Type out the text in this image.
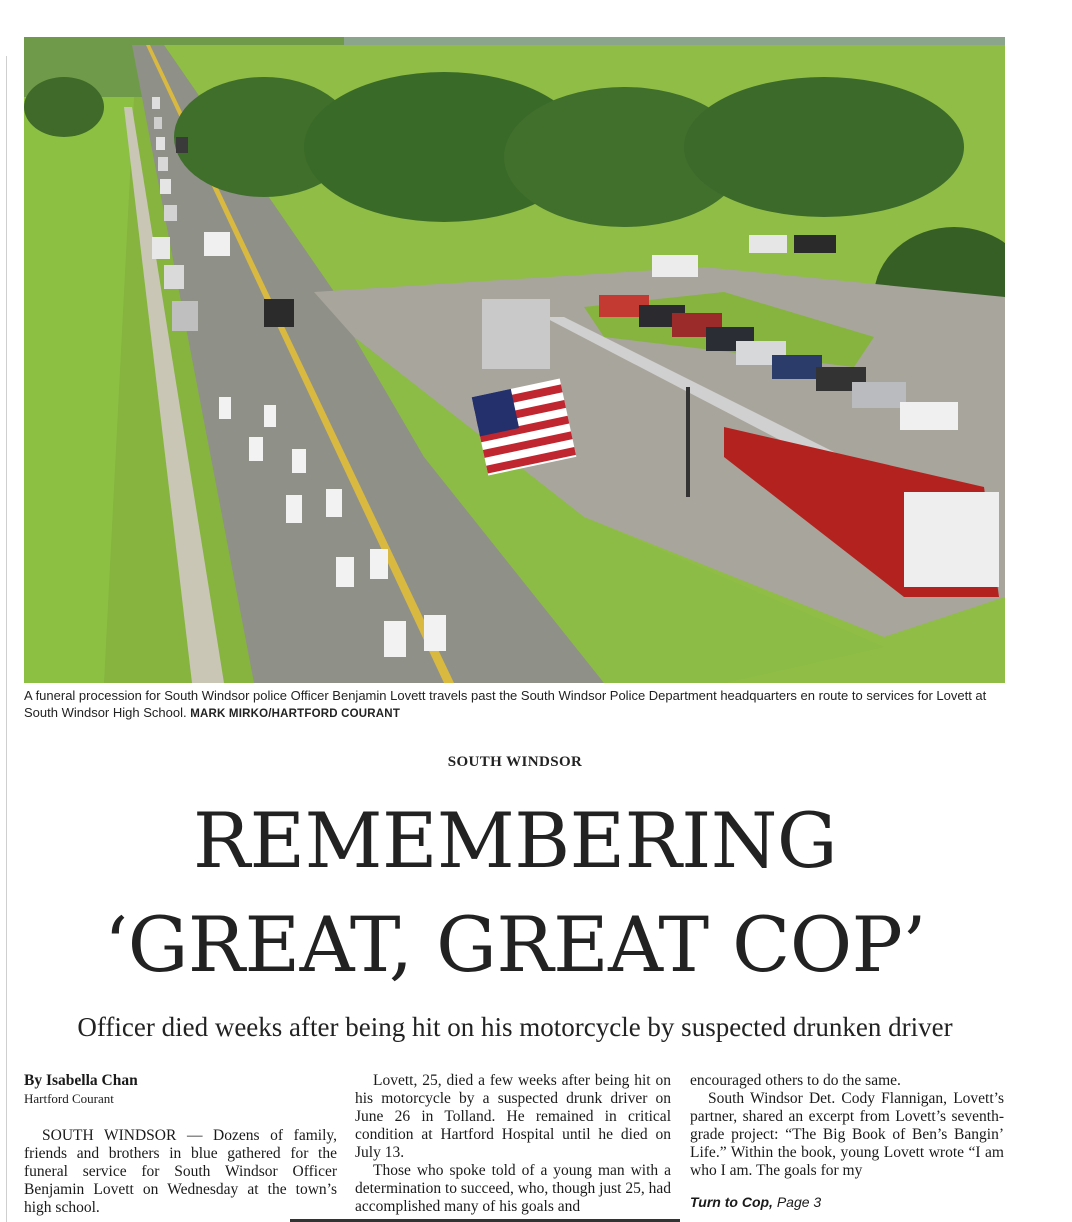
A funeral procession for South Windsor police Officer Benjamin Lovett travels past the South Windsor Police Department headquarters en route to services for Lovett at South Windsor High School. MARK MIRKO/HARTFORD COURANT
SOUTH WINDSOR
REMEMBERING
‘GREAT, GREAT COP’
Officer died weeks after being hit on his motorcycle by suspected drunken driver
By Isabella Chan
Hartford Courant

SOUTH WINDSOR — Dozens of family, friends and brothers in blue gathered for the funeral service for South Windsor Officer Benjamin Lovett on Wednesday at the town’s high school.

Lovett, 25, died a few weeks after being hit on his motorcycle by a suspected drunk driver on June 26 in Tolland. He remained in critical condition at Hartford Hospital until he died on July 13.

Those who spoke told of a young man with a determination to succeed, who, though just 25, had accomplished many of his goals and

encouraged others to do the same.

South Windsor Det. Cody Flannigan, Lovett’s partner, shared an excerpt from Lovett’s seventh-grade project: “The Big Book of Ben’s Bangin’ Life.” Within the book, young Lovett wrote “I am who I am. The goals for my

Turn to Cop, Page 3
